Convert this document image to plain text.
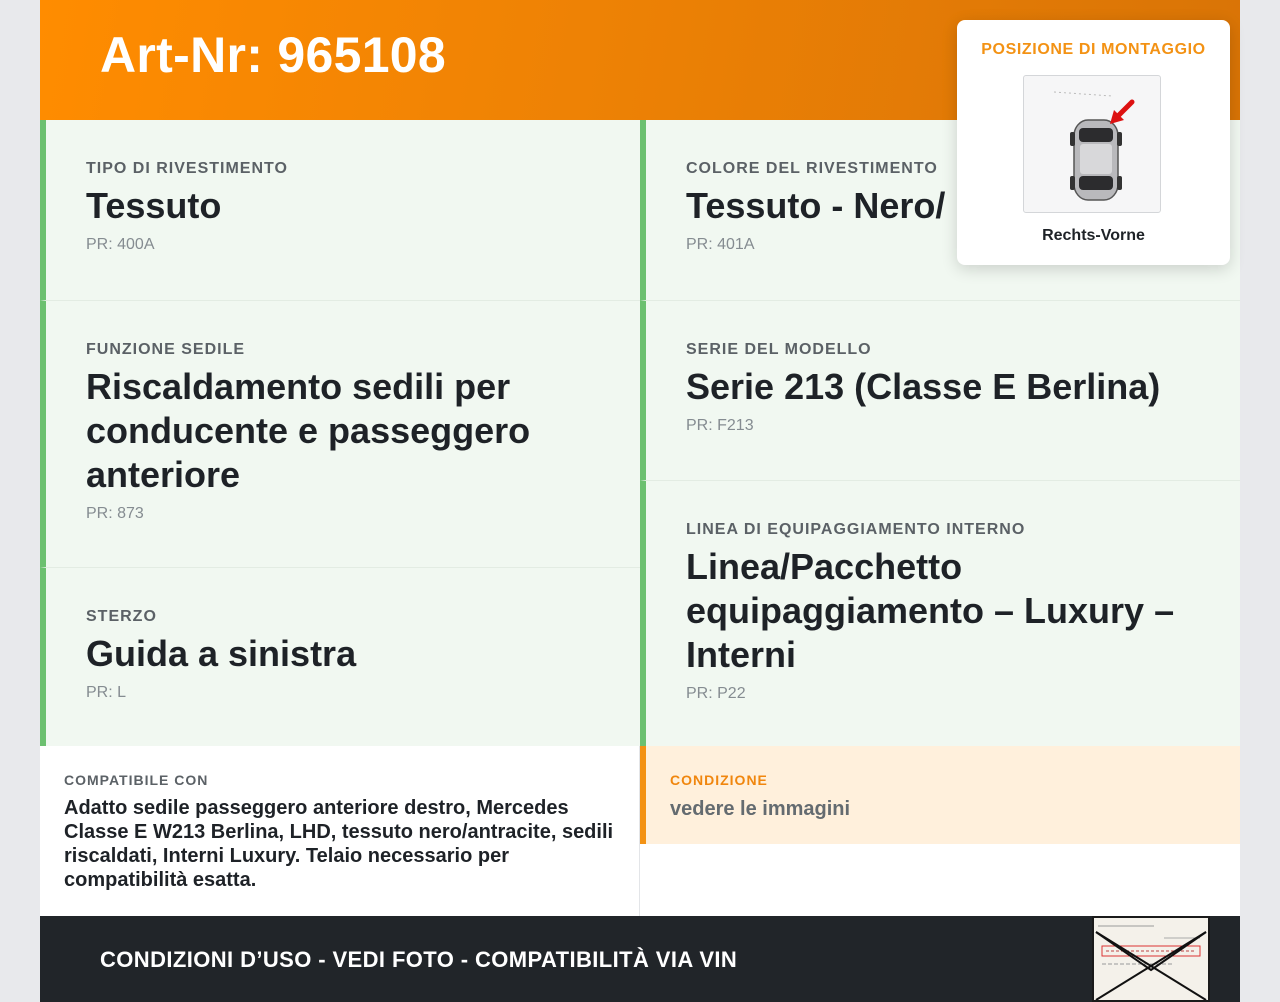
Art-Nr: 965108
TIPO DI RIVESTIMENTO
Tessuto
PR: 400A
FUNZIONE SEDILE
Riscaldamento sedili per conducente e passeggero anteriore
PR: 873
STERZO
Guida a sinistra
PR: L
COLORE DEL RIVESTIMENTO
Tessuto - Nero/
PR: 401A
SERIE DEL MODELLO
Serie 213 (Classe E Berlina)
PR: F213
LINEA DI EQUIPAGGIAMENTO INTERNO
Linea/Pacchetto equipaggiamento – Luxury – Interni
PR: P22
COMPATIBILE CON
Adatto sedile passeggero anteriore destro, Mercedes Classe E W213 Berlina, LHD, tessuto nero/antracite, sedili riscaldati, Interni Luxury. Telaio necessario per compatibilità esatta.
CONDIZIONE
vedere le immagini
CONDIZIONI D’USO - VEDI FOTO - COMPATIBILITÀ VIA VIN
POSIZIONE DI MONTAGGIO
Rechts-Vorne
